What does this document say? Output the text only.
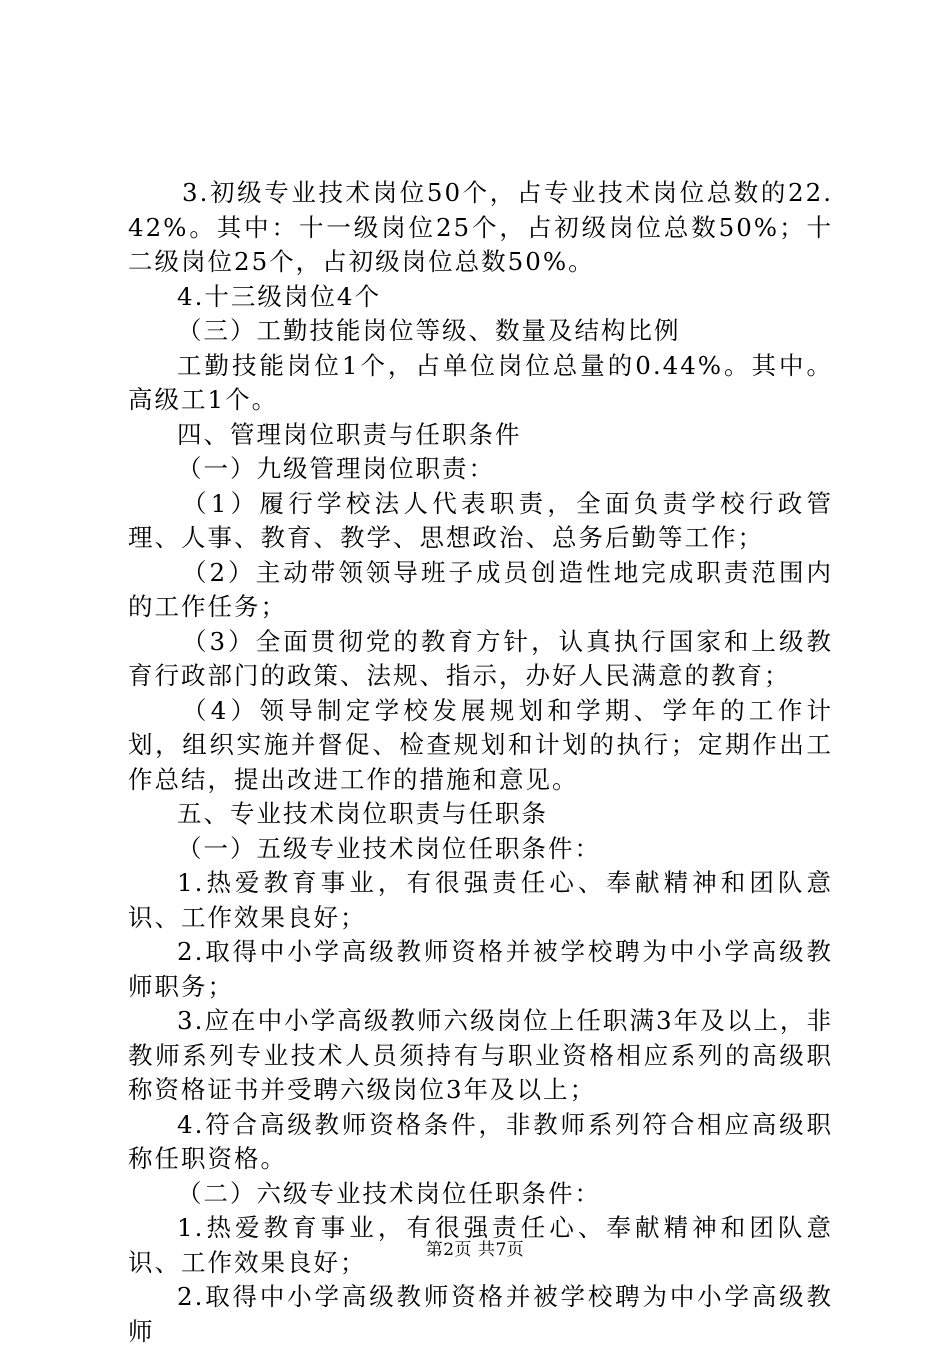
3.初级专业技术岗位50个，占专业技术岗位总数的22.42%。其中：十一级岗位25个，占初级岗位总数50%；十二级岗位25个，占初级岗位总数50%。

4.十三级岗位4个

（三）工勤技能岗位等级、数量及结构比例

工勤技能岗位1个，占单位岗位总量的0.44%。其中。高级工1个。

四、管理岗位职责与任职条件

（一）九级管理岗位职责：

（1）履行学校法人代表职责，全面负责学校行政管理、人事、教育、教学、思想政治、总务后勤等工作；

（2）主动带领领导班子成员创造性地完成职责范围内的工作任务；

（3）全面贯彻党的教育方针，认真执行国家和上级教育行政部门的政策、法规、指示，办好人民满意的教育；

（4）领导制定学校发展规划和学期、学年的工作计划，组织实施并督促、检查规划和计划的执行；定期作出工作总结，提出改进工作的措施和意见。

五、专业技术岗位职责与任职条

（一）五级专业技术岗位任职条件：

1.热爱教育事业，有很强责任心、奉献精神和团队意识、工作效果良好；

2.取得中小学高级教师资格并被学校聘为中小学高级教师职务；

3.应在中小学高级教师六级岗位上任职满3年及以上，非教师系列专业技术人员须持有与职业资格相应系列的高级职称资格证书并受聘六级岗位3年及以上；

4.符合高级教师资格条件，非教师系列符合相应高级职称任职资格。

（二）六级专业技术岗位任职条件：

1.热爱教育事业，有很强责任心、奉献精神和团队意识、工作效果良好；

2.取得中小学高级教师资格并被学校聘为中小学高级教师

第2页 共7页
